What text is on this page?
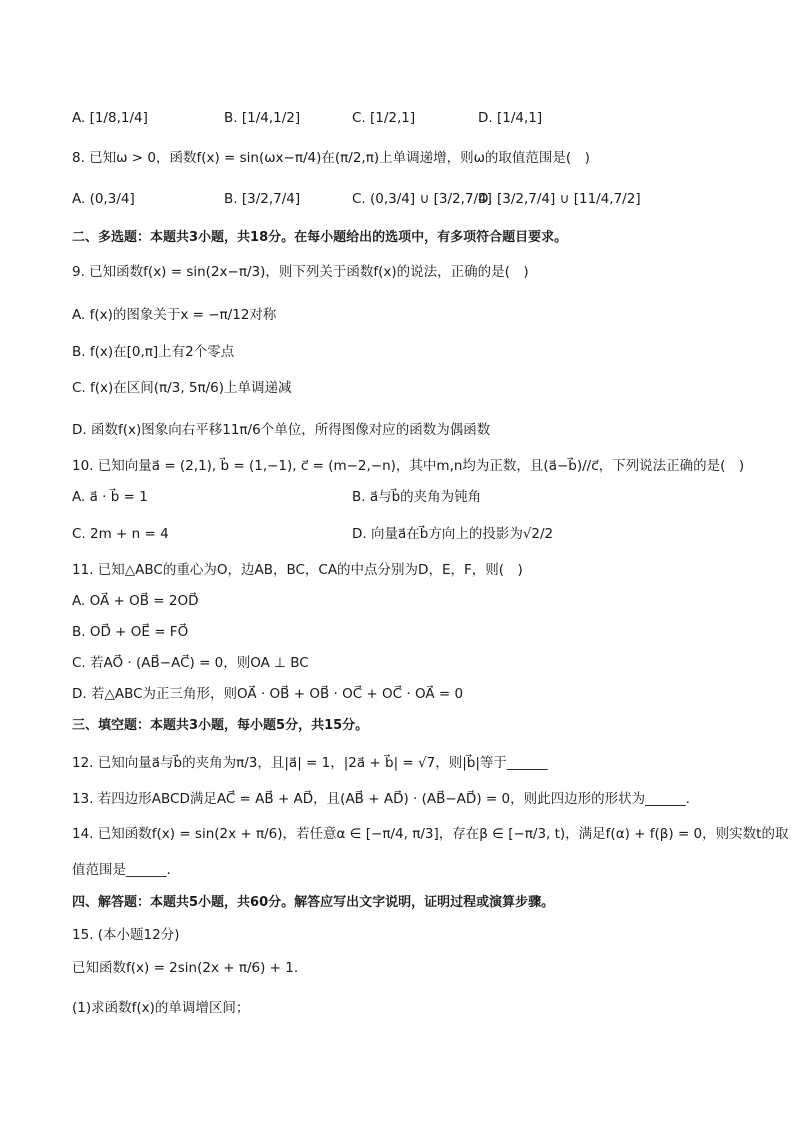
A. [1/8,1/4]	B. [1/4,1/2]	C. [1/2,1]	D. [1/4,1]
8. 已知ω > 0，函数f(x) = sin(ωx−π/4)在(π/2,π)上单调递增，则ω的取值范围是(　)
A. (0,3/4]	B. [3/2,7/4]	C. (0,3/4] ∪ [3/2,7/4]
D. [3/2,7/4] ∪ [11/4,7/2]
二、多选题：本题共3小题，共18分。在每小题给出的选项中，有多项符合题目要求。
9. 已知函数f(x) = sin(2x−π/3)，则下列关于函数f(x)的说法，正确的是(　)
A. f(x)的图象关于x = −π/12对称
B. f(x)在[0,π]上有2个零点
C. f(x)在区间(π/3, 5π/6)上单调递减
D. 函数f(x)图象向右平移11π/6个单位，所得图像对应的函数为偶函数
10. 已知向量a⃗ = (2,1), b⃗ = (1,−1), c⃗ = (m−2,−n)，其中m,n均为正数，且(a⃗−b⃗)//c⃗，下列说法正确的是(　)
A. a⃗ · b⃗ = 1	B. a⃗与b⃗的夹角为钝角
C. 2m + n = 4	D. 向量a⃗在b⃗方向上的投影为√2/2
11. 已知△ABC的重心为O，边AB，BC，CA的中点分别为D，E，F，则(　)
A. OA⃗ + OB⃗ = 2OD⃗
B. OD⃗ + OE⃗ = FO⃗
C. 若AO⃗ · (AB⃗−AC⃗) = 0，则OA ⊥ BC
D. 若△ABC为正三角形，则OA⃗ · OB⃗ + OB⃗ · OC⃗ + OC⃗ · OA⃗ = 0
三、填空题：本题共3小题，每小题5分，共15分。
12. 已知向量a⃗与b⃗的夹角为π/3，且|a⃗| = 1，|2a⃗ + b⃗| = √7，则|b⃗|等于______
13. 若四边形ABCD满足AC⃗ = AB⃗ + AD⃗，且(AB⃗ + AD⃗) · (AB⃗−AD⃗) = 0，则此四边形的形状为______.
14. 已知函数f(x) = sin(2x + π/6)，若任意α ∈ [−π/4, π/3]，存在β ∈ [−π/3, t)，满足f(α) + f(β) = 0，则实数t的取
值范围是______.
四、解答题：本题共5小题，共60分。解答应写出文字说明，证明过程或演算步骤。
15. (本小题12分)
已知函数f(x) = 2sin(2x + π/6) + 1.
(1)求函数f(x)的单调增区间；
